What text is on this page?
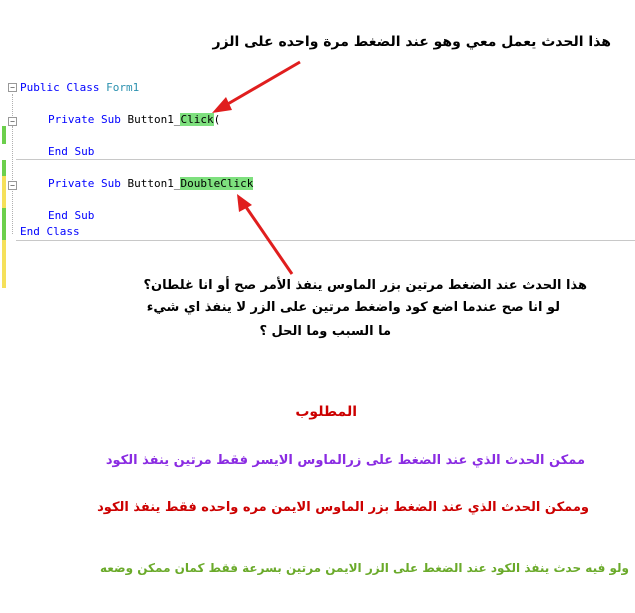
هذا الحدث يعمل معي وهو عند الضغط مرة واحده على الزر
−
−
−
Public Class Form1
Private Sub Button1_Click(
End Sub
Private Sub Button1_DoubleClick
End Sub
End Class
هذا الحدث عند الضغط مرتين بزر الماوس ينفذ الأمر صح أو انا غلطان؟
لو انا صح عندما اضع كود واضغط مرتين على الزر لا ينفذ اي شيء
ما السبب وما الحل ؟
المطلوب
ممكن الحدث الذي عند الضغط على زرالماوس الايسر فقط مرتين ينفذ الكود
وممكن الحدث الذي عند الضغط بزر الماوس الايمن مره واحده فقط ينفذ الكود
ولو فيه حدث ينفذ الكود عند الضغط على الزر الايمن مرتين بسرعة فقط كمان ممكن وضعه
